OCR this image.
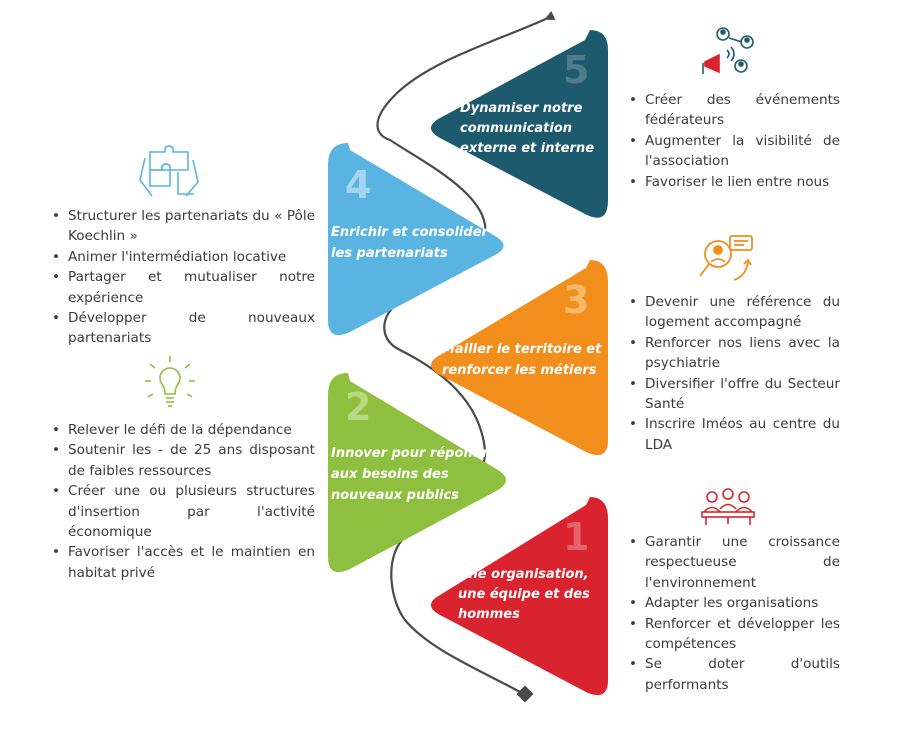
5
4
3
2
1
Dynamiser notre
communication
externe et interne
Enrichir et consolider
les partenariats
Mailler le territoire et
renforcer les métiers
Innover pour répondre
aux besoins des
nouveaux publics
Une organisation,
une équipe et des
hommes
• Créer des événements fédérateurs
• Augmenter la visibilité de l'association
• Favoriser le lien entre nous
• Structurer les partenariats du « Pôle Koechlin »
• Animer l'intermédiation locative
• Partager et mutualiser notre expérience
• Développer de nouveaux partenariats
• Devenir une référence du logement accompagné
• Renforcer nos liens avec la psychiatrie
• Diversifier l'offre du Secteur Santé
• Inscrire Iméos au centre du LDA
• Relever le défi de la dépendance
• Soutenir les - de 25 ans disposant de faibles ressources
• Créer une ou plusieurs structures d'insertion par l'activité économique
• Favoriser l'accès et le maintien en habitat privé
• Garantir une croissance respectueuse de l'environnement
• Adapter les organisations
• Renforcer et développer les compétences
• Se doter d'outils performants
